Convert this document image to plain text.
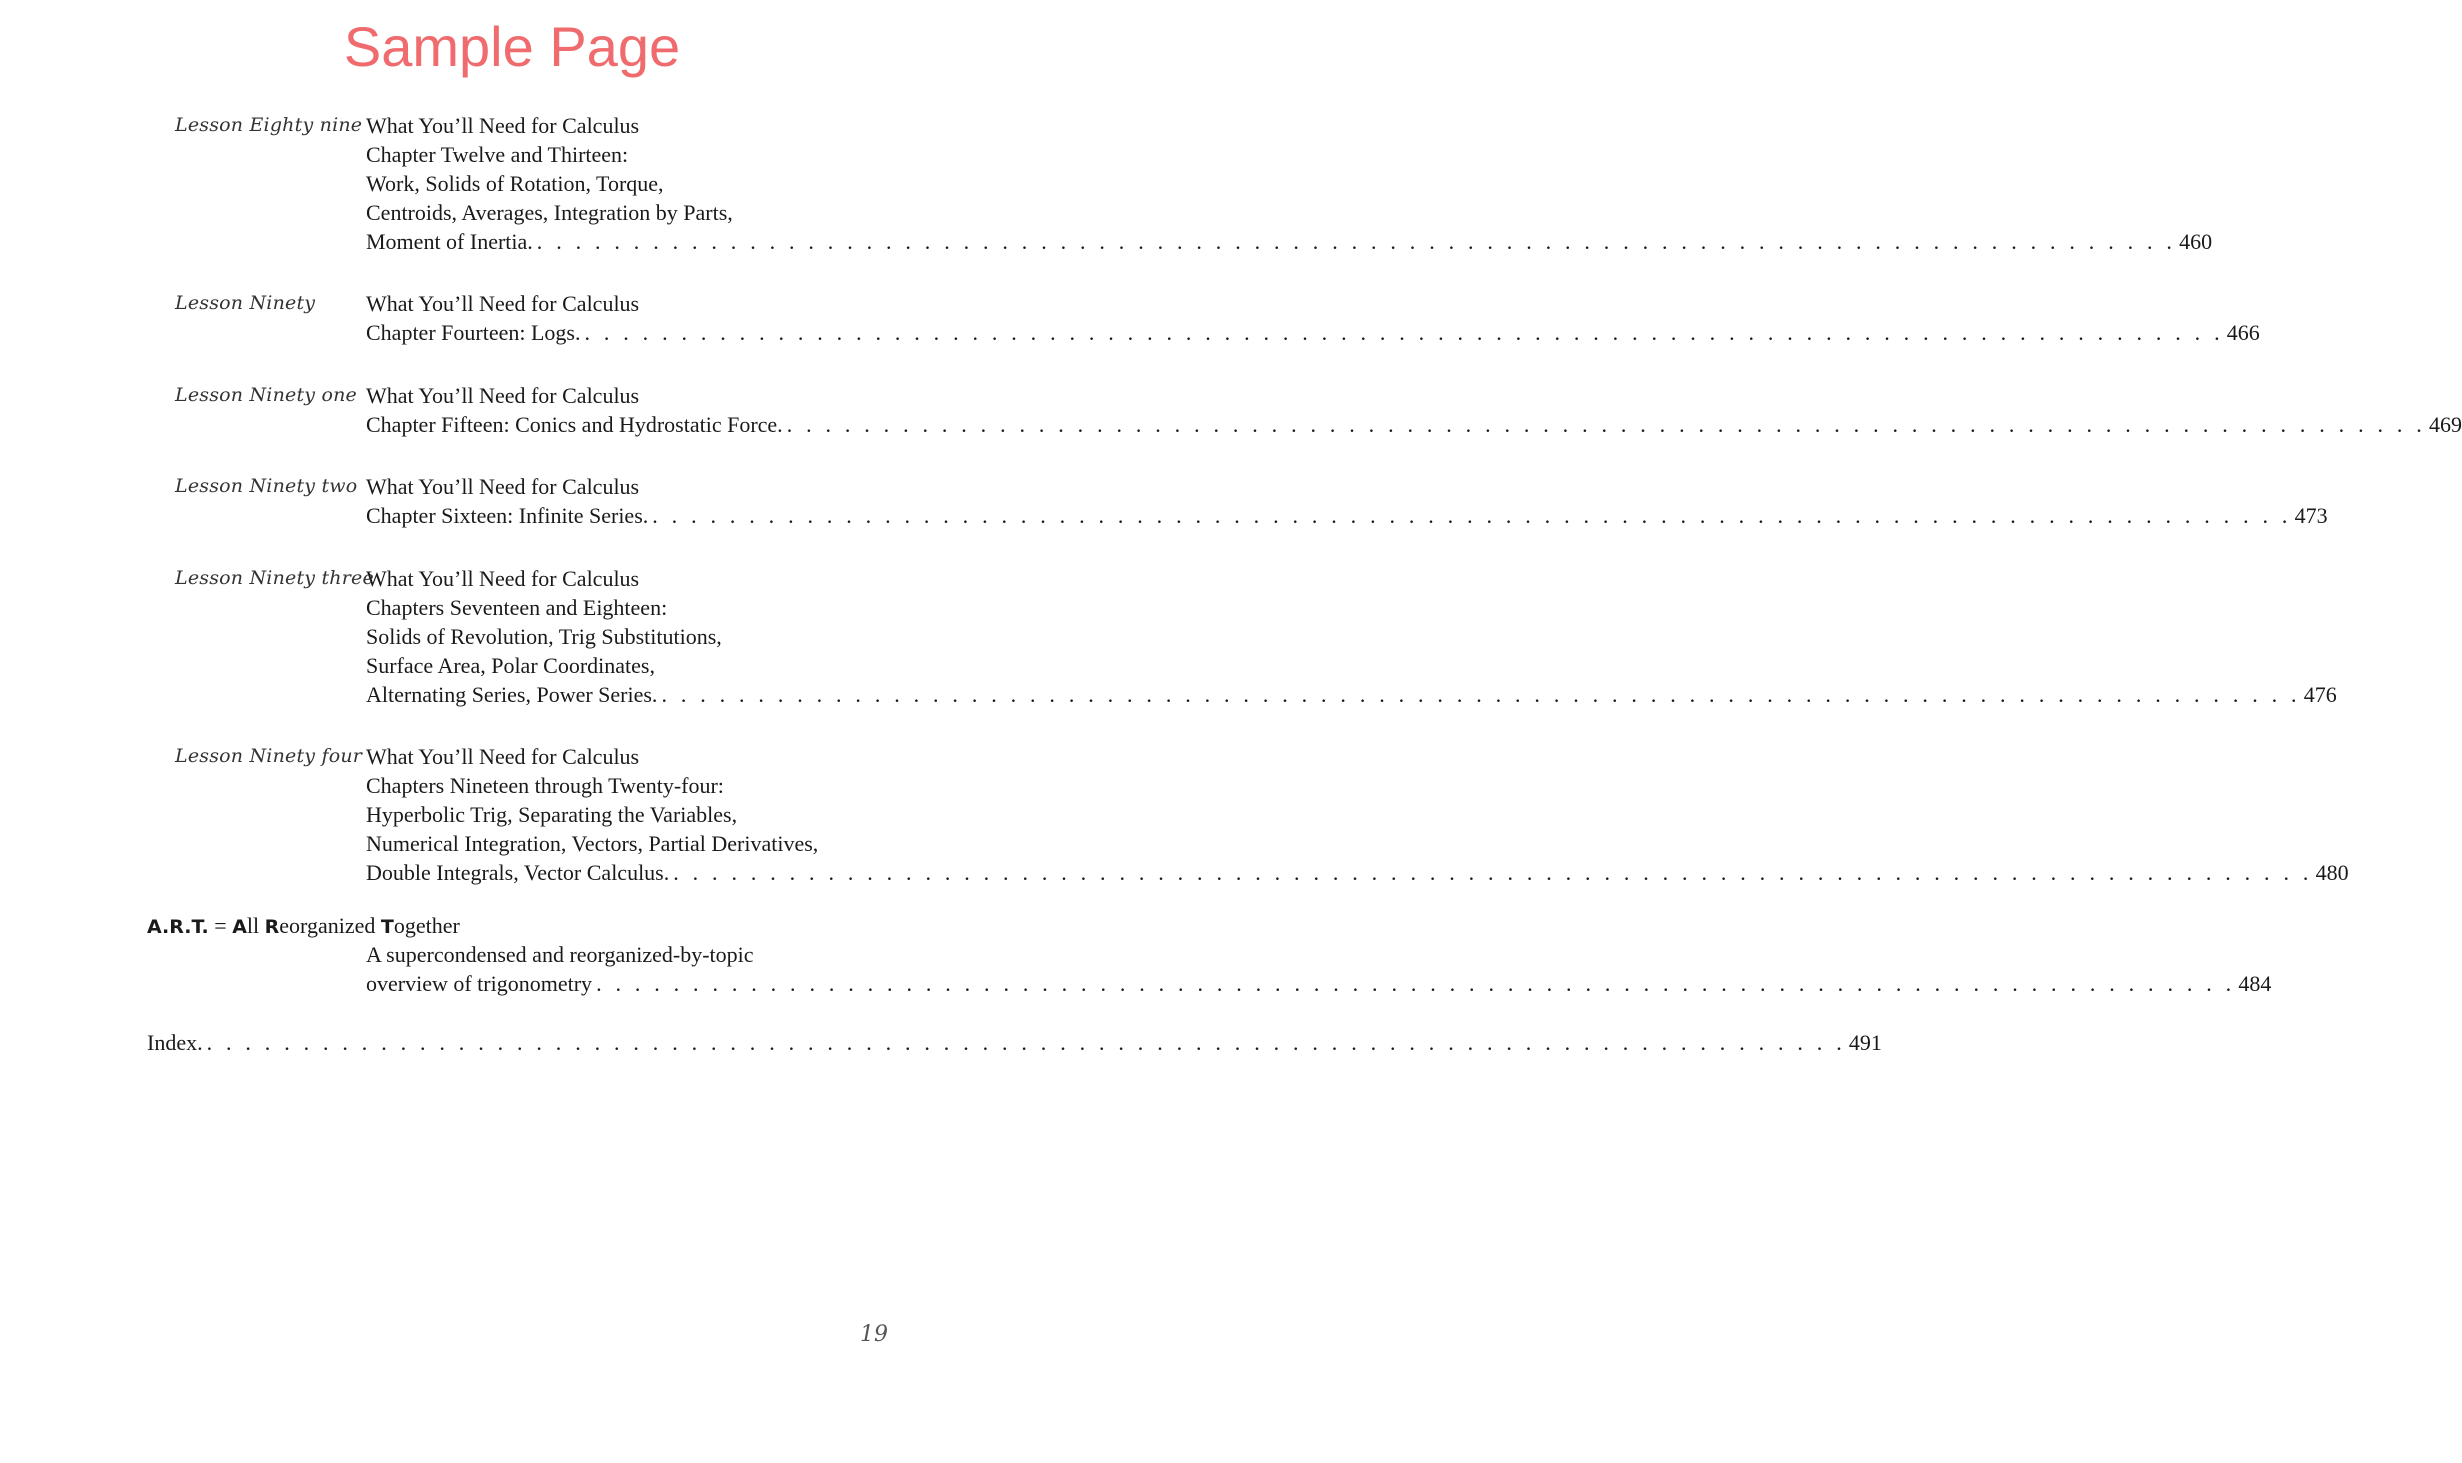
Sample Page
Lesson Eighty nine What You’ll Need for Calculus
Chapter Twelve and Thirteen:
Work, Solids of Rotation, Torque,
Centroids, Averages, Integration by Parts,
Moment of Inertia. . . . . . . . . . . . . . . . . . . . . . . . . . . . . . . . . . . . . . . . . . . . . . . . . . . . . . . . . . . . . . . . . . . . . . . . . . . . . . . . . . . . . . 460
Lesson Ninety	What You’ll Need for Calculus
Chapter Fourteen: Logs. . . . . . . . . . . . . . . . . . . . . . . . . . . . . . . . . . . . . . . . . . . . . . . . . . . . . . . . . . . . . . . . . . . . . . . . . . . . . . . . . . . . . . 466
Lesson Ninety one What You’ll Need for Calculus
Chapter Fifteen: Conics and Hydrostatic Force. . . . . . . . . . . . . . . . . . . . . . . . . . . . . . . . . . . . . . . . . . . . . . . . . . . . . . . . . . . . . . . . . . . . . . . . . . . . . . . . . . . . . . 469
Lesson Ninety two What You’ll Need for Calculus
Chapter Sixteen: Infinite Series. . . . . . . . . . . . . . . . . . . . . . . . . . . . . . . . . . . . . . . . . . . . . . . . . . . . . . . . . . . . . . . . . . . . . . . . . . . . . . . . . . . . . . 473
Lesson Ninety three
What You’ll Need for Calculus
Chapters Seventeen and Eighteen:
Solids of Revolution, Trig Substitutions,
Surface Area, Polar Coordinates,
Alternating Series, Power Series. . . . . . . . . . . . . . . . . . . . . . . . . . . . . . . . . . . . . . . . . . . . . . . . . . . . . . . . . . . . . . . . . . . . . . . . . . . . . . . . . . . . . . 476
Lesson Ninety four What You’ll Need for Calculus
Chapters Nineteen through Twenty-four:
Hyperbolic Trig, Separating the Variables,
Numerical Integration, Vectors, Partial Derivatives,
Double Integrals, Vector Calculus. . . . . . . . . . . . . . . . . . . . . . . . . . . . . . . . . . . . . . . . . . . . . . . . . . . . . . . . . . . . . . . . . . . . . . . . . . . . . . . . . . . . . . 480
A.R.T. = All Reorganized Together
A supercondensed and reorganized-by-topic
overview of trigonometry . . . . . . . . . . . . . . . . . . . . . . . . . . . . . . . . . . . . . . . . . . . . . . . . . . . . . . . . . . . . . . . . . . . . . . . . . . . . . . . . . . . . . 484
Index. . . . . . . . . . . . . . . . . . . . . . . . . . . . . . . . . . . . . . . . . . . . . . . . . . . . . . . . . . . . . . . . . . . . . . . . . . . . . . . . . . . . . . 491
19
